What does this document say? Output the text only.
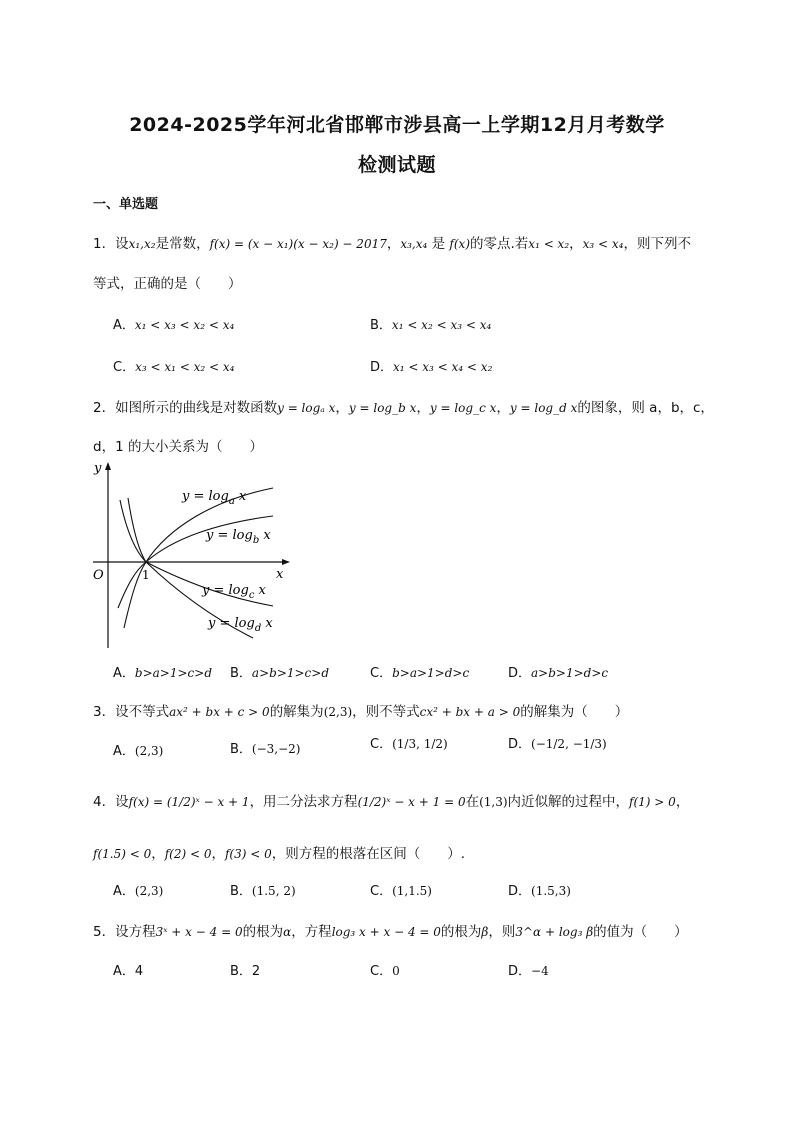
2024-2025学年河北省邯郸市涉县高一上学期12月月考数学
检测试题
一、单选题
1．设x₁,x₂是常数，f(x) = (x − x₁)(x − x₂) − 2017，x₃,x₄ 是 f(x)的零点.若x₁ < x₂，x₃ < x₄，则下列不
等式，正确的是（　　）
A．x₁ < x₃ < x₂ < x₄	B．x₁ < x₂ < x₃ < x₄
C．x₃ < x₁ < x₂ < x₄	D．x₁ < x₃ < x₄ < x₂
2．如图所示的曲线是对数函数y = logₐ x，y = log_b x，y = log_c x，y = log_d x的图象，则 a，b，c，
d，1 的大小关系为（　　）
y
x
O	1
$y = \log_a x$
$y = \log_b x$
$y = \log_c x$
$y = \log_d x$
A．b>a>1>c>d B．a>b>1>c>d	C．b>a>1>d>c	D．a>b>1>d>c
3．设不等式ax² + bx + c > 0的解集为(2,3)，则不等式cx² + bx + a > 0的解集为（　　）
A．(2,3)	B．(−3,−2)	C．(1/3, 1/2)	D．(−1/2, −1/3)
4．设f(x) = (1/2)ˣ − x + 1，用二分法求方程(1/2)ˣ − x + 1 = 0在(1,3)内近似解的过程中，f(1) > 0，
f(1.5) < 0，f(2) < 0，f(3) < 0，则方程的根落在区间（　　）.
A．(2,3)	B．(1.5, 2)	C．(1,1.5)	D．(1.5,3)
5．设方程3ˣ + x − 4 = 0的根为α，方程log₃ x + x − 4 = 0的根为β，则3^α + log₃ β的值为（　　）
A．4	B．2	C．0	D．−4
